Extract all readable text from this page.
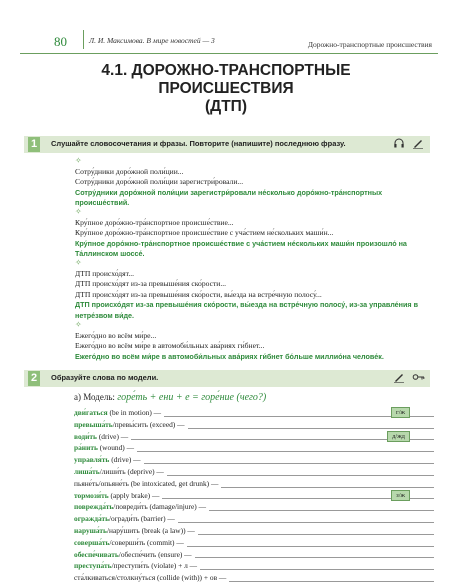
80	Л. И. Максимова. В мире новостей — 3	Дорожно-транспортные происшествия
4.1. ДОРОЖНО-ТРАНСПОРТНЫЕ
ПРОИСШЕСТВИЯ
(ДТП)
1	Слушайте словосочетания и фразы. Повторите (напишите) последнюю фразу.
✧
Сотру́дники доро́жной поли́ции...
Сотру́дники доро́жной поли́ции зарегистри́ровали...
Сотру́дники доро́жной поли́ции зарегистри́ровали не́сколько доро́жно-тра́нспортных происше́ствий.
✧
Кру́пное доро́жно-тра́нспортное происше́ствие...
Кру́пное доро́жно-тра́нспортное происше́ствие с уча́стием не́скольких маши́н...
Кру́пное доро́жно-тра́нспортное происше́ствие с уча́стием не́скольких маши́н произошло́ на Та́ллинском шоссе́.
✧
ДТП происхо́дят...
ДТП происхо́дят из-за превыше́ния ско́рости...
ДТП происхо́дят из-за превыше́ния ско́рости, вы́езда на встре́чную полосу́...
ДТП происхо́дят из-за превыше́ния ско́рости, вы́езда на встре́чную полосу́, из-за управле́ния в нетре́звом ви́де.
✧
Ежего́дно во всём ми́ре...
Ежего́дно во всём ми́ре в автомоби́льных ава́риях ги́бнет...
Ежего́дно во всём ми́ре в автомоби́льных ава́риях ги́бнет бо́льше миллио́на челове́к.
2	Образуйте слова по модели.
а) Модель: горе́ть + ени + е = горе́ние (чего?)
дви́гаться (be in motion) —	г/ж
превыша́ть/превы́сить (exceed) —
води́ть (drive) —	д/жд
ра́нить (wound) —
управля́ть (drive) —
лиша́ть/лиши́ть (deprive) —
пьяне́ть/опьяне́ть (be intoxicated, get drunk) —
тормози́ть (apply brake) —	з/ж
поврежда́ть/повреди́ть (damage/injure) —
огражда́ть/огради́ть (barrier) —
наруша́ть/нару́шить (break (a law)) —
соверша́ть/соверши́ть (commit) —
обеспе́чивать/обеспе́чить (ensure) —
преступа́ть/преступи́ть (violate) + л —
ста́лкиваться/столкну́ться (collide (with)) + ов —
